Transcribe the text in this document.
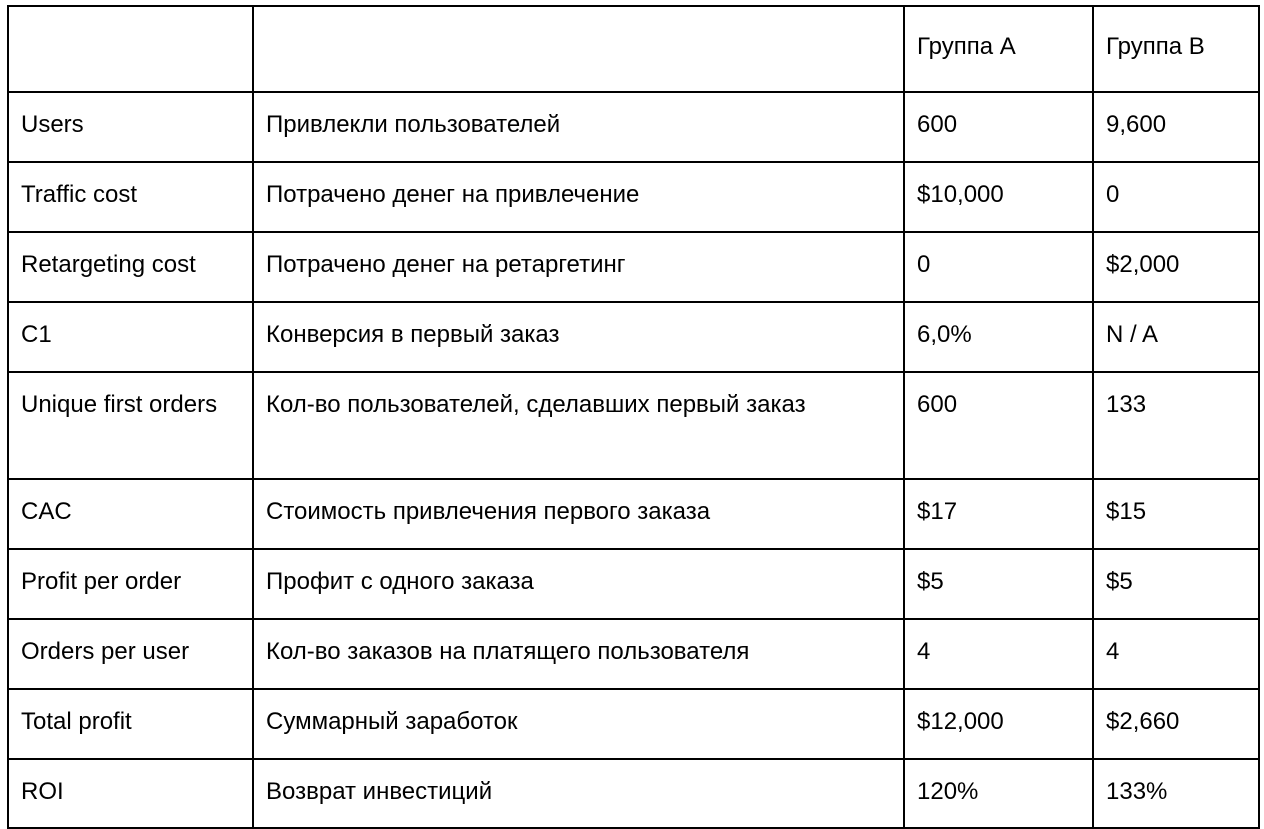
		Группа А	Группа В
Users	Привлекли пользователей	600	9,600
Traffic cost	Потрачено денег на привлечение	$10,000	0
Retargeting cost	Потрачено денег на ретаргетинг	0	$2,000
C1	Конверсия в первый заказ	6,0%	N / A
Unique first orders	Кол-во пользователей, сделавших первый заказ	600	133
CAC	Стоимость привлечения первого заказа	$17	$15
Profit per order	Профит с одного заказа	$5	$5
Orders per user	Кол-во заказов на платящего пользователя	4	4
Total profit	Суммарный заработок	$12,000	$2,660
ROI	Возврат инвестиций	120%	133%
